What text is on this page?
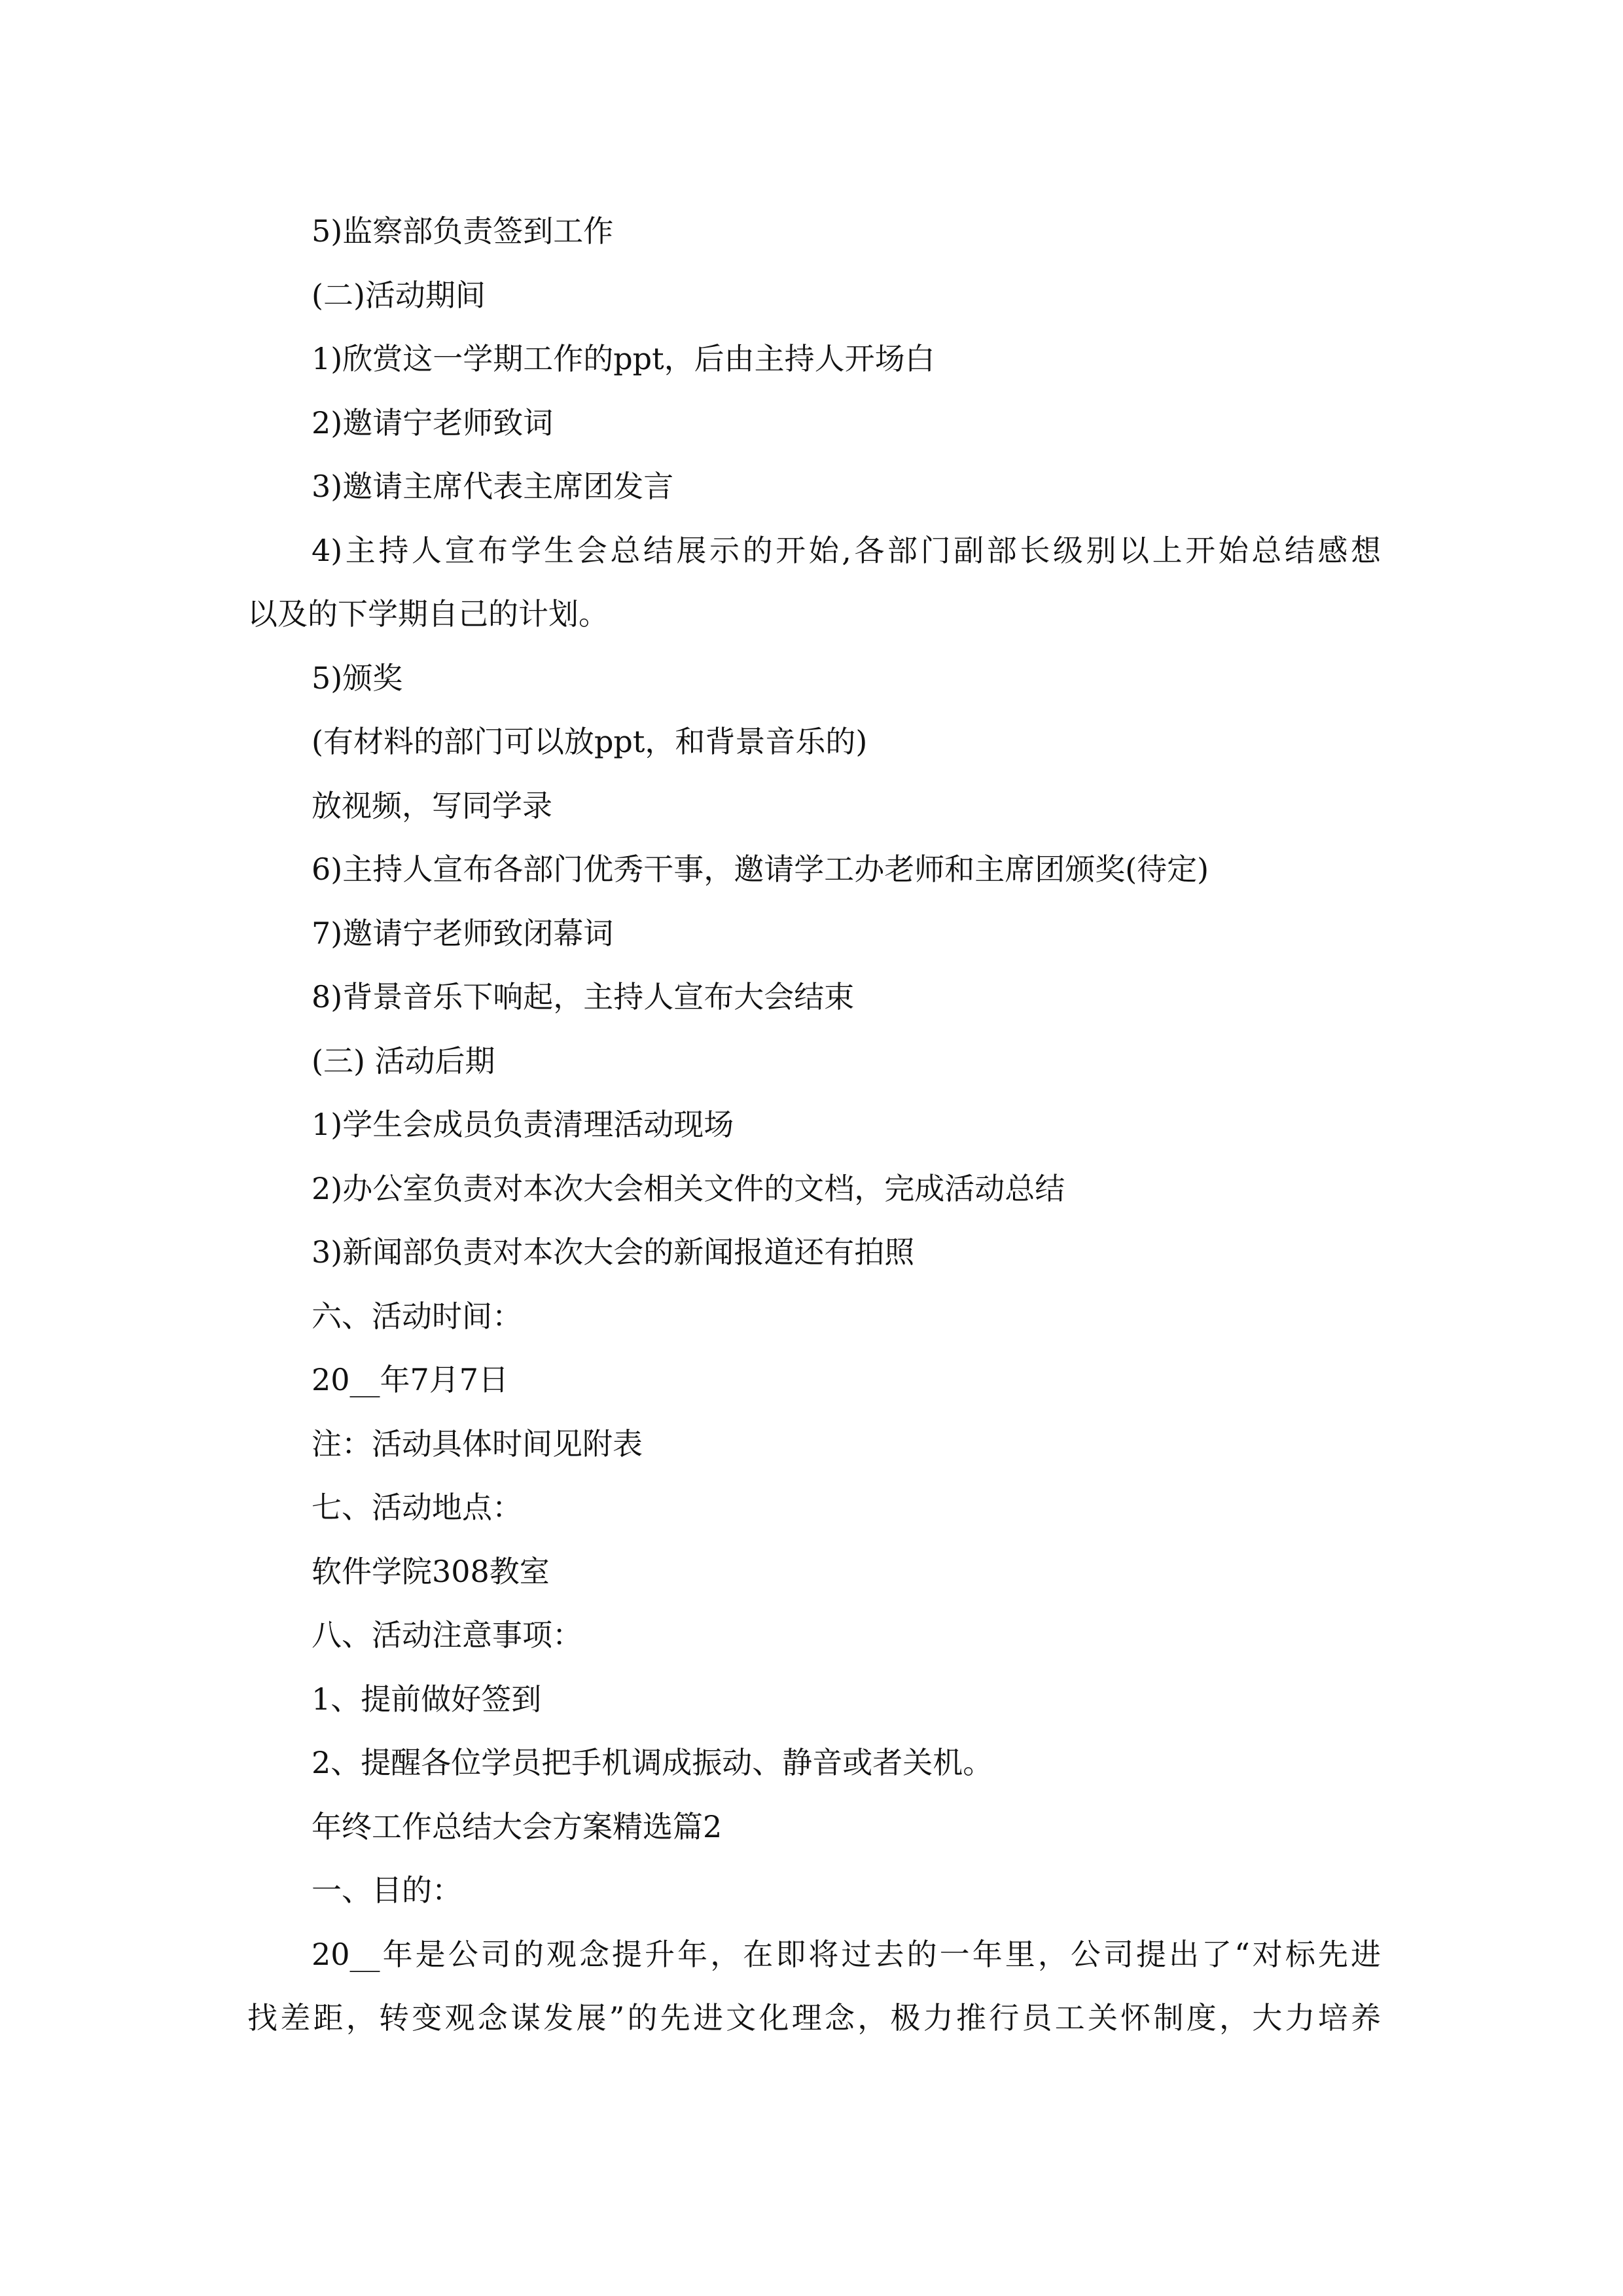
5)监察部负责签到工作
(二)活动期间
1)欣赏这一学期工作的ppt，后由主持人开场白
2)邀请宁老师致词
3)邀请主席代表主席团发言
4)主持人宣布学生会总结展示的开始,各部门副部长级别以上开始总结感想
以及的下学期自己的计划。
5)颁奖
(有材料的部门可以放ppt，和背景音乐的)
放视频，写同学录
6)主持人宣布各部门优秀干事，邀请学工办老师和主席团颁奖(待定)
7)邀请宁老师致闭幕词
8)背景音乐下响起，主持人宣布大会结束
(三) 活动后期
1)学生会成员负责清理活动现场
2)办公室负责对本次大会相关文件的文档，完成活动总结
3)新闻部负责对本次大会的新闻报道还有拍照
六、活动时间：
20__年7月7日
注：活动具体时间见附表
七、活动地点：
软件学院308教室
八、活动注意事项：
1、提前做好签到
2、提醒各位学员把手机调成振动、静音或者关机。
年终工作总结大会方案精选篇2
一、目的：
20__年是公司的观念提升年，在即将过去的一年里，公司提出了“对标先进
找差距，转变观念谋发展”的先进文化理念，极力推行员工关怀制度，大力培养
